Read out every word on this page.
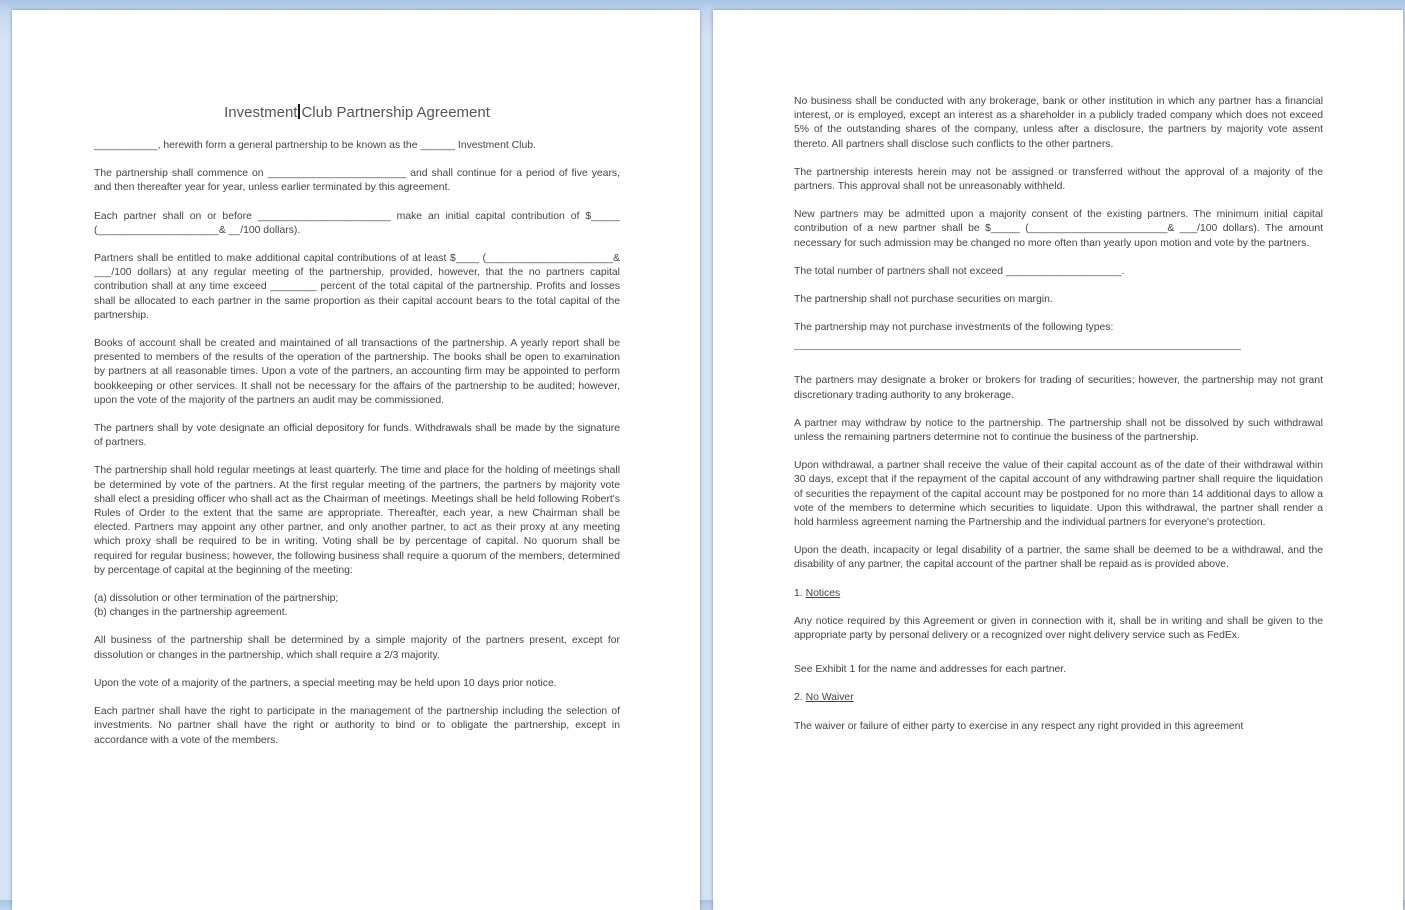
Investment Club Partnership Agreement
___________, herewith form a general partnership to be known as the ______ Investment Club.
The partnership shall commence on ________________________ and shall continue for a period of five years, and then thereafter year for year, unless earlier terminated by this agreement.
Each partner shall on or before _______________________ make an initial capital contribution of $_____ (_____________________& __/100 dollars).
Partners shall be entitled to make additional capital contributions of at least $____ (______________________& ___/100 dollars) at any regular meeting of the partnership, provided, however, that the no partners capital contribution shall at any time exceed ________ percent of the total capital of the partnership. Profits and losses shall be allocated to each partner in the same proportion as their capital account bears to the total capital of the partnership.
Books of account shall be created and maintained of all transactions of the partnership. A yearly report shall be presented to members of the results of the operation of the partnership. The books shall be open to examination by partners at all reasonable times. Upon a vote of the partners, an accounting firm may be appointed to perform bookkeeping or other services. It shall not be necessary for the affairs of the partnership to be audited; however, upon the vote of the majority of the partners an audit may be commissioned.
The partners shall by vote designate an official depository for funds. Withdrawals shall be made by the signature of partners.
The partnership shall hold regular meetings at least quarterly. The time and place for the holding of meetings shall be determined by vote of the partners. At the first regular meeting of the partners, the partners by majority vote shall elect a presiding officer who shall act as the Chairman of meetings. Meetings shall be held following Robert's Rules of Order to the extent that the same are appropriate. Thereafter, each year, a new Chairman shall be elected. Partners may appoint any other partner, and only another partner, to act as their proxy at any meeting which proxy shall be required to be in writing. Voting shall be by percentage of capital. No quorum shall be required for regular business; however, the following business shall require a quorum of the members, determined by percentage of capital at the beginning of the meeting:
(a) dissolution or other termination of the partnership;
(b) changes in the partnership agreement.
All business of the partnership shall be determined by a simple majority of the partners present, except for dissolution or changes in the partnership, which shall require a 2/3 majority.
Upon the vote of a majority of the partners, a special meeting may be held upon 10 days prior notice.
Each partner shall have the right to participate in the management of the partnership including the selection of investments. No partner shall have the right or authority to bind or to obligate the partnership, except in accordance with a vote of the members.
No business shall be conducted with any brokerage, bank or other institution in which any partner has a financial interest, or is employed, except an interest as a shareholder in a publicly traded company which does not exceed 5% of the outstanding shares of the company, unless after a disclosure, the partners by majority vote assent thereto. All partners shall disclose such conflicts to the other partners.
The partnership interests herein may not be assigned or transferred without the approval of a majority of the partners. This approval shall not be unreasonably withheld.
New partners may be admitted upon a majority consent of the existing partners. The minimum initial capital contribution of a new partner shall be $_____ (________________________& ___/100 dollars). The amount necessary for such admission may be changed no more often than yearly upon motion and vote by the partners.
The total number of partners shall not exceed ____________________.
The partnership shall not purchase securities on margin.
The partnership may not purchase investments of the following types:
The partners may designate a broker or brokers for trading of securities; however, the partnership may not grant discretionary trading authority to any brokerage.
A partner may withdraw by notice to the partnership. The partnership shall not be dissolved by such withdrawal unless the remaining partners determine not to continue the business of the partnership.
Upon withdrawal, a partner shall receive the value of their capital account as of the date of their withdrawal within 30 days, except that if the repayment of the capital account of any withdrawing partner shall require the liquidation of securities the repayment of the capital account may be postponed for no more than 14 additional days to allow a vote of the members to determine which securities to liquidate. Upon this withdrawal, the partner shall render a hold harmless agreement naming the Partnership and the individual partners for everyone's protection.
Upon the death, incapacity or legal disability of a partner, the same shall be deemed to be a withdrawal, and the disability of any partner, the capital account of the partner shall be repaid as is provided above.
1. Notices
Any notice required by this Agreement or given in connection with it, shall be in writing and shall be given to the appropriate party by personal delivery or a recognized over night delivery service such as FedEx.
See Exhibit 1 for the name and addresses for each partner.
2. No Waiver
The waiver or failure of either party to exercise in any respect any right provided in this agreement
